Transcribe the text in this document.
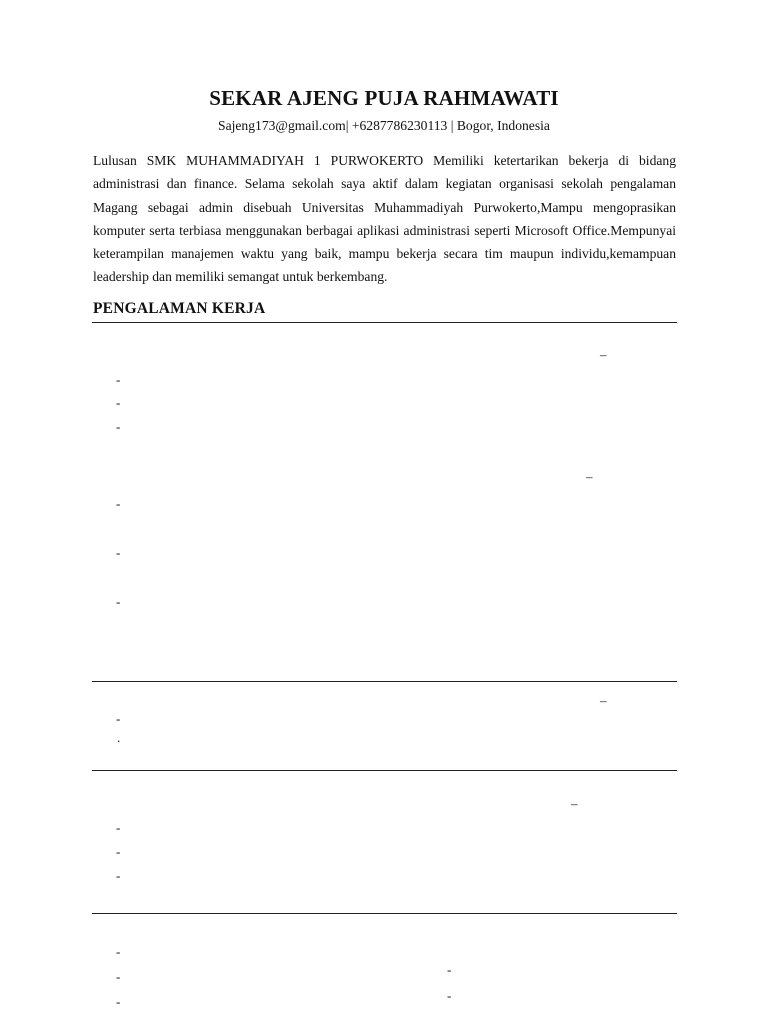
SEKAR AJENG PUJA RAHMAWATI
Sajeng173@gmail.com| +6287786230113 | Bogor, Indonesia
Lulusan SMK MUHAMMADIYAH 1 PURWOKERTO Memiliki ketertarikan bekerja di bidang administrasi dan finance. Selama sekolah saya aktif dalam kegiatan organisasi sekolah pengalaman Magang sebagai admin disebuah Universitas Muhammadiyah Purwokerto,Mampu mengoprasikan komputer serta terbiasa menggunakan berbagai aplikasi administrasi seperti Microsoft Office.Mempunyai keterampilan manajemen waktu yang baik, mampu bekerja secara tim maupun individu,kemampuan leadership dan memiliki semangat untuk berkembang.
PENGALAMAN KERJA
–
-
-
-
–
-
-
-
–
-
.
–
-
-
-
-
-
-
-
-
